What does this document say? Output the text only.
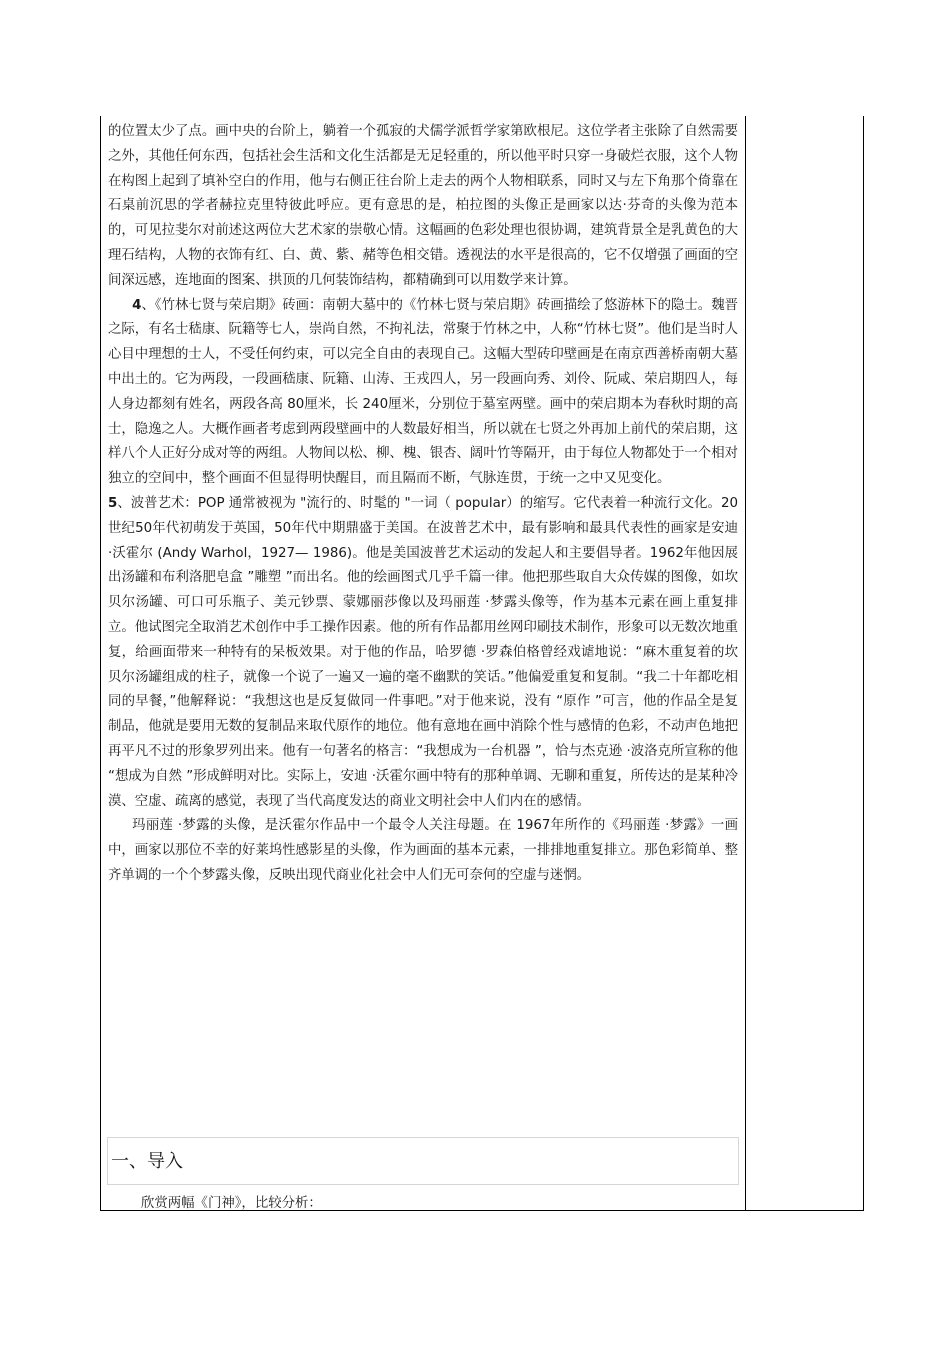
的位置太少了点。画中央的台阶上，躺着一个孤寂的犬儒学派哲学家第欧根尼。这位学者主张除了自然需要之外，其他任何东西，包括社会生活和文化生活都是无足轻重的，所以他平时只穿一身破烂衣服，这个人物在构图上起到了填补空白的作用，他与右侧正往台阶上走去的两个人物相联系，同时又与左下角那个倚靠在石桌前沉思的学者赫拉克里特彼此呼应。更有意思的是，柏拉图的头像正是画家以达·芬奇的头像为范本的，可见拉斐尔对前述这两位大艺术家的崇敬心情。这幅画的色彩处理也很协调，建筑背景全是乳黄色的大理石结构，人物的衣饰有红、白、黄、紫、赭等色相交错。透视法的水平是很高的，它不仅增强了画面的空间深远感，连地面的图案、拱顶的几何装饰结构，都精确到可以用数学来计算。

4、《竹林七贤与荣启期》砖画：南朝大墓中的《竹林七贤与荣启期》砖画描绘了悠游林下的隐士。魏晋之际，有名士嵇康、阮籍等七人，崇尚自然，不拘礼法，常聚于竹林之中，人称“竹林七贤”。他们是当时人心目中理想的士人，不受任何约束，可以完全自由的表现自己。这幅大型砖印壁画是在南京西善桥南朝大墓中出土的。它为两段，一段画嵇康、阮籍、山涛、王戎四人，另一段画向秀、刘伶、阮咸、荣启期四人，每人身边都刻有姓名，两段各高 80厘米，长 240厘米，分别位于墓室两壁。画中的荣启期本为春秋时期的高士，隐逸之人。大概作画者考虑到两段壁画中的人数最好相当，所以就在七贤之外再加上前代的荣启期，这样八个人正好分成对等的两组。人物间以松、柳、槐、银杏、阔叶竹等隔开，由于每位人物都处于一个相对独立的空间中，整个画面不但显得明快醒目，而且隔而不断，气脉连贯，于统一之中又见变化。

5、波普艺术：POP 通常被视为 "流行的、时髦的 "一词（ popular）的缩写。它代表着一种流行文化。20世纪50年代初萌发于英国，50年代中期鼎盛于美国。在波普艺术中，最有影响和最具代表性的画家是安迪 ·沃霍尔 (Andy Warhol，1927— 1986)。他是美国波普艺术运动的发起人和主要倡导者。1962年他因展出汤罐和布利洛肥皂盒 ”雕塑 ”而出名。他的绘画图式几乎千篇一律。他把那些取自大众传媒的图像，如坎贝尔汤罐、可口可乐瓶子、美元钞票、蒙娜丽莎像以及玛丽莲 ·梦露头像等，作为基本元素在画上重复排立。他试图完全取消艺术创作中手工操作因素。他的所有作品都用丝网印刷技术制作，形象可以无数次地重复，给画面带来一种特有的呆板效果。对于他的作品，哈罗德 ·罗森伯格曾经戏谑地说：“麻木重复着的坎贝尔汤罐组成的柱子，就像一个说了一遍又一遍的毫不幽默的笑话。”他偏爱重复和复制。“我二十年都吃相同的早餐，”他解释说：“我想这也是反复做同一件事吧。”对于他来说，没有 “原作 ”可言，他的作品全是复制品，他就是要用无数的复制品来取代原作的地位。他有意地在画中消除个性与感情的色彩，不动声色地把再平凡不过的形象罗列出来。他有一句著名的格言：“我想成为一台机器 ”，恰与杰克逊 ·波洛克所宣称的他 “想成为自然 ”形成鲜明对比。实际上，安迪 ·沃霍尔画中特有的那种单调、无聊和重复，所传达的是某种冷漠、空虚、疏离的感觉，表现了当代高度发达的商业文明社会中人们内在的感情。

玛丽莲 ·梦露的头像，是沃霍尔作品中一个最令人关注母题。在 1967年所作的《玛丽莲 ·梦露》一画中，画家以那位不幸的好莱坞性感影星的头像，作为画面的基本元素，一排排地重复排立。那色彩简单、整齐单调的一个个梦露头像，反映出现代商业化社会中人们无可奈何的空虚与迷惘。

一、导入
欣赏两幅《门神》，比较分析：
